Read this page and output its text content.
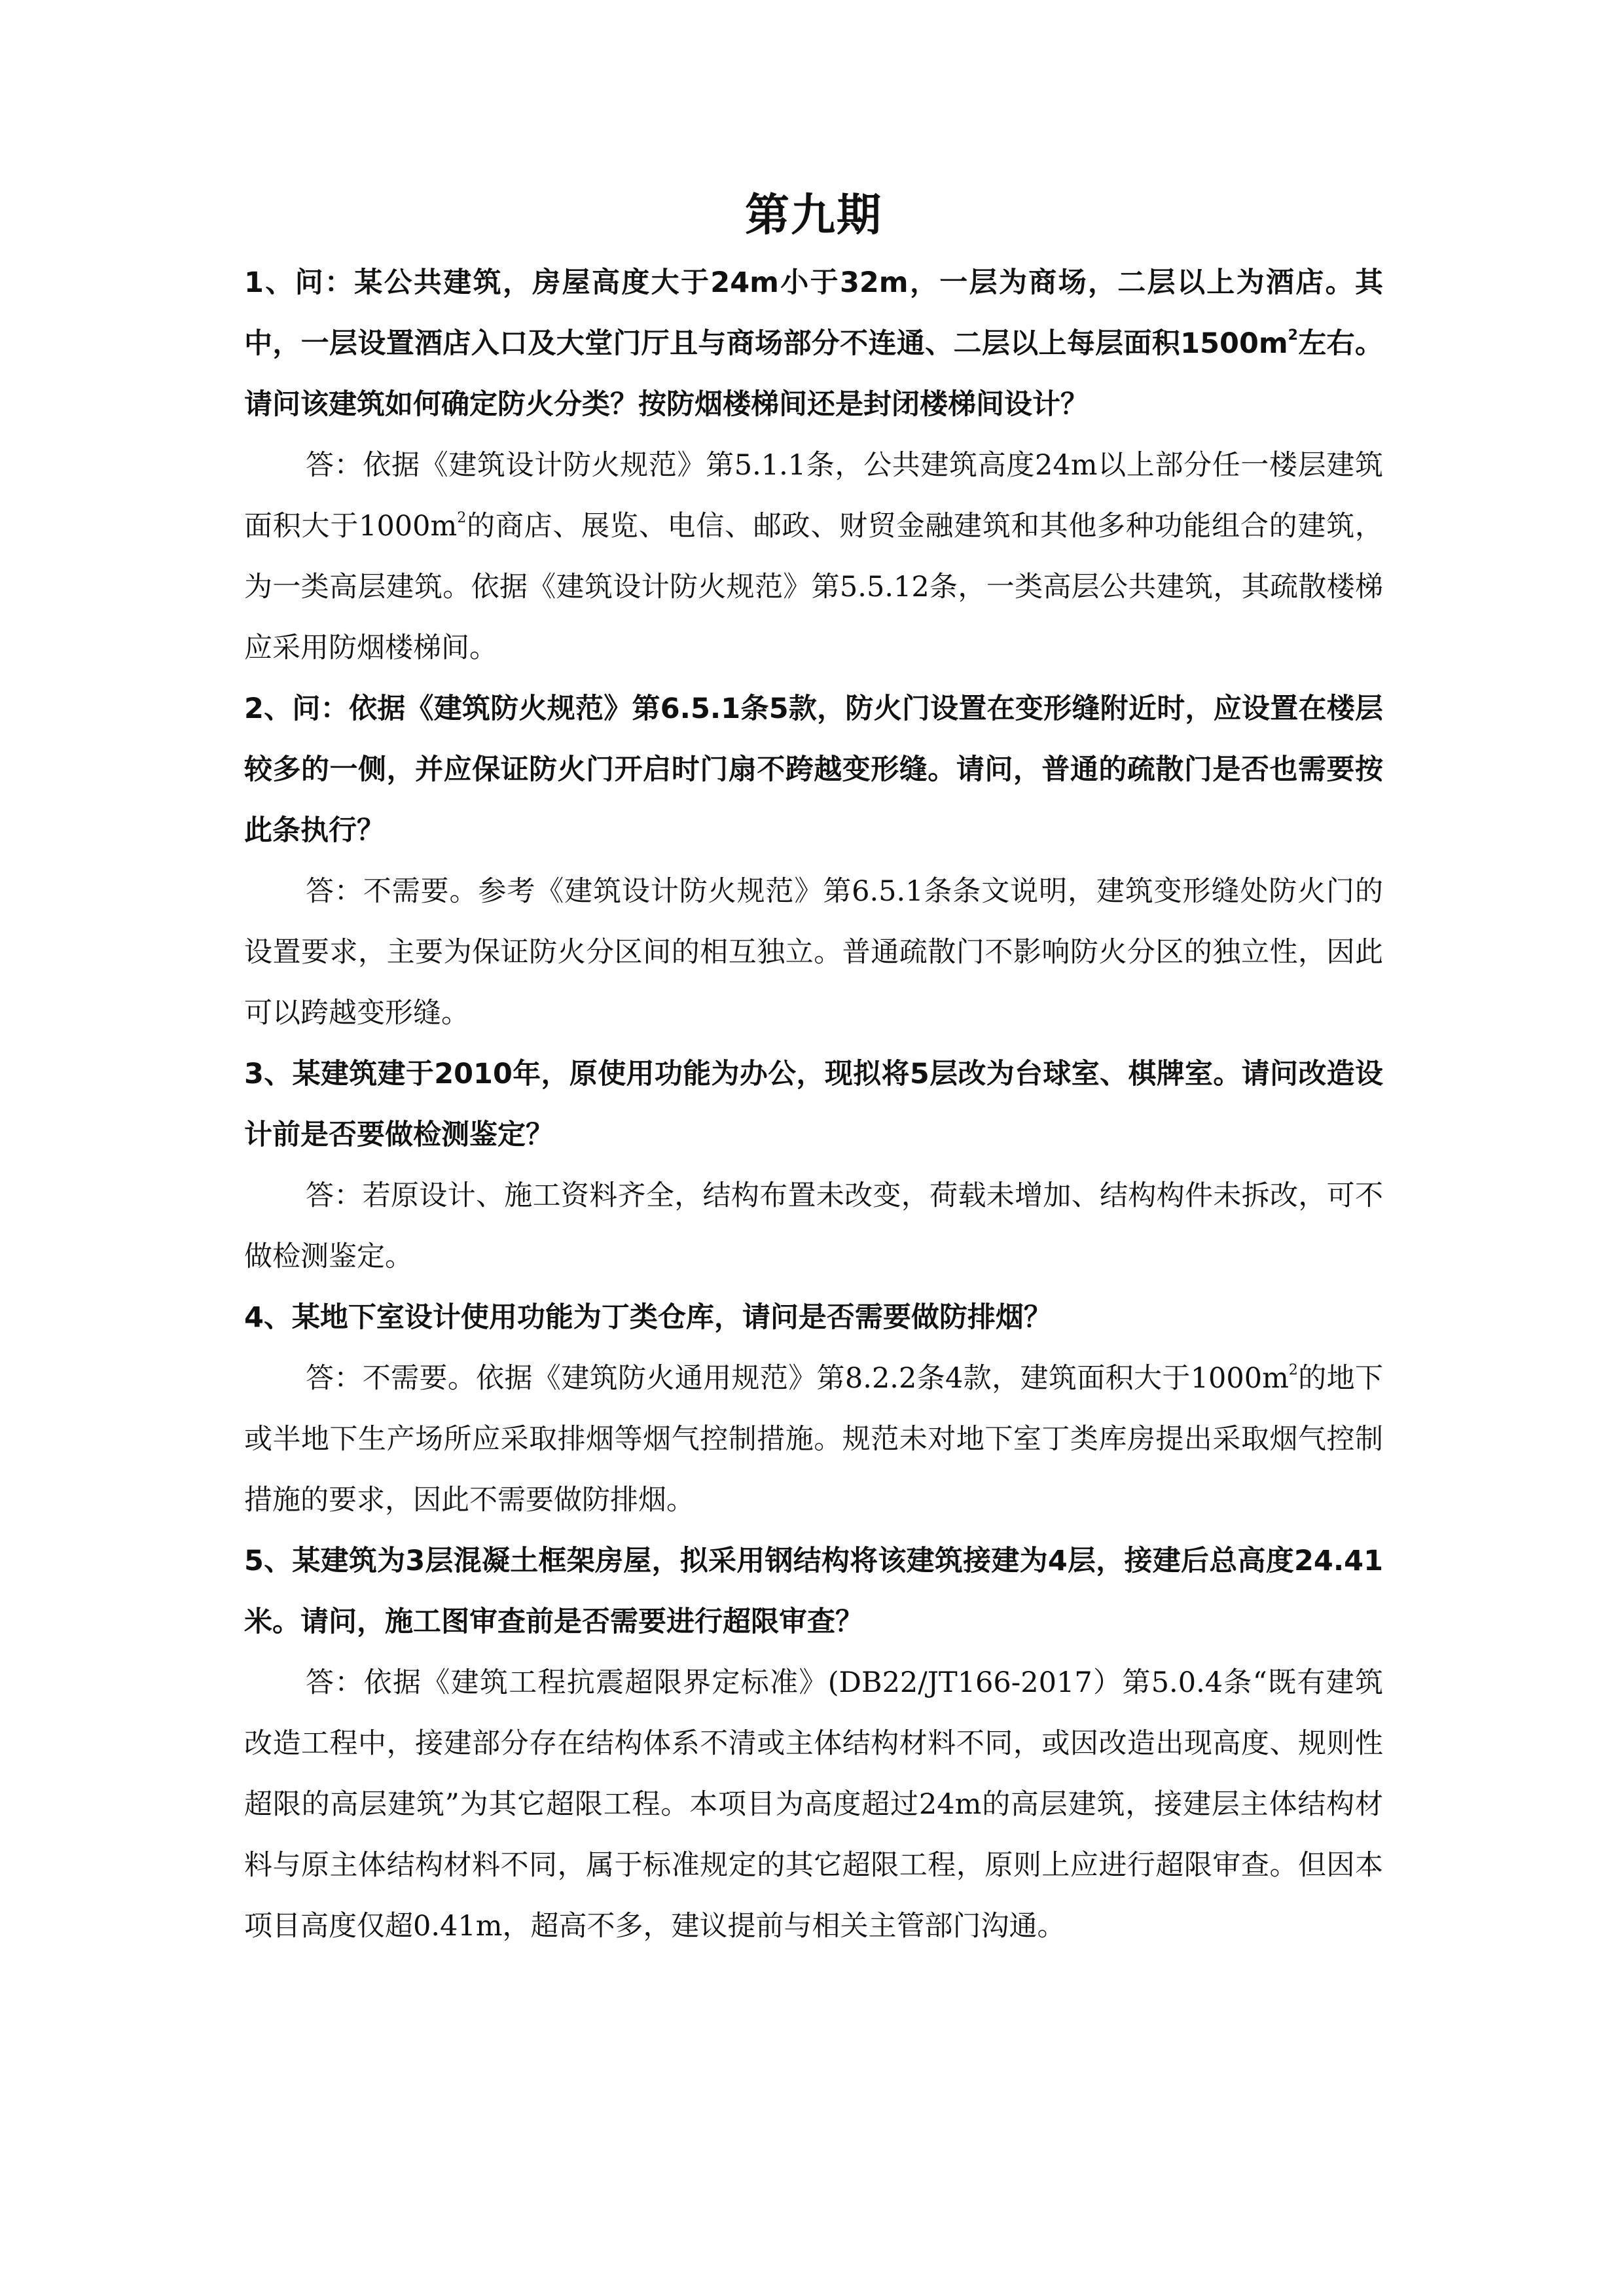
第九期

1、问：某公共建筑，房屋高度大于24m小于32m，一层为商场，二层以上为酒店。其中，一层设置酒店入口及大堂门厅且与商场部分不连通、二层以上每层面积$1500m^2$左右。请问该建筑如何确定防火分类？按防烟楼梯间还是封闭楼梯间设计？

答：依据《建筑设计防火规范》第5.1.1条，公共建筑高度24m以上部分任一楼层建筑面积大于$1000m^2$的商店、展览、电信、邮政、财贸金融建筑和其他多种功能组合的建筑，为一类高层建筑。依据《建筑设计防火规范》第5.5.12条，一类高层公共建筑，其疏散楼梯应采用防烟楼梯间。

2、问：依据《建筑防火规范》第6.5.1条5款，防火门设置在变形缝附近时，应设置在楼层较多的一侧，并应保证防火门开启时门扇不跨越变形缝。请问，普通的疏散门是否也需要按此条执行？

答：不需要。参考《建筑设计防火规范》第6.5.1条条文说明，建筑变形缝处防火门的设置要求，主要为保证防火分区间的相互独立。普通疏散门不影响防火分区的独立性，因此可以跨越变形缝。

3、某建筑建于2010年，原使用功能为办公，现拟将5层改为台球室、棋牌室。请问改造设计前是否要做检测鉴定？

答：若原设计、施工资料齐全，结构布置未改变，荷载未增加、结构构件未拆改，可不做检测鉴定。

4、某地下室设计使用功能为丁类仓库，请问是否需要做防排烟？

答：不需要。依据《建筑防火通用规范》第8.2.2条4款，建筑面积大于$1000m^2$的地下或半地下生产场所应采取排烟等烟气控制措施。规范未对地下室丁类库房提出采取烟气控制措施的要求，因此不需要做防排烟。

5、某建筑为3层混凝土框架房屋，拟采用钢结构将该建筑接建为4层，接建后总高度24.41米。请问，施工图审查前是否需要进行超限审查？

答：依据《建筑工程抗震超限界定标准》(DB22/JT166-2017）第5.0.4条“既有建筑改造工程中，接建部分存在结构体系不清或主体结构材料不同，或因改造出现高度、规则性超限的高层建筑”为其它超限工程。本项目为高度超过24m的高层建筑，接建层主体结构材料与原主体结构材料不同，属于标准规定的其它超限工程，原则上应进行超限审查。但因本项目高度仅超0.41m，超高不多，建议提前与相关主管部门沟通。
